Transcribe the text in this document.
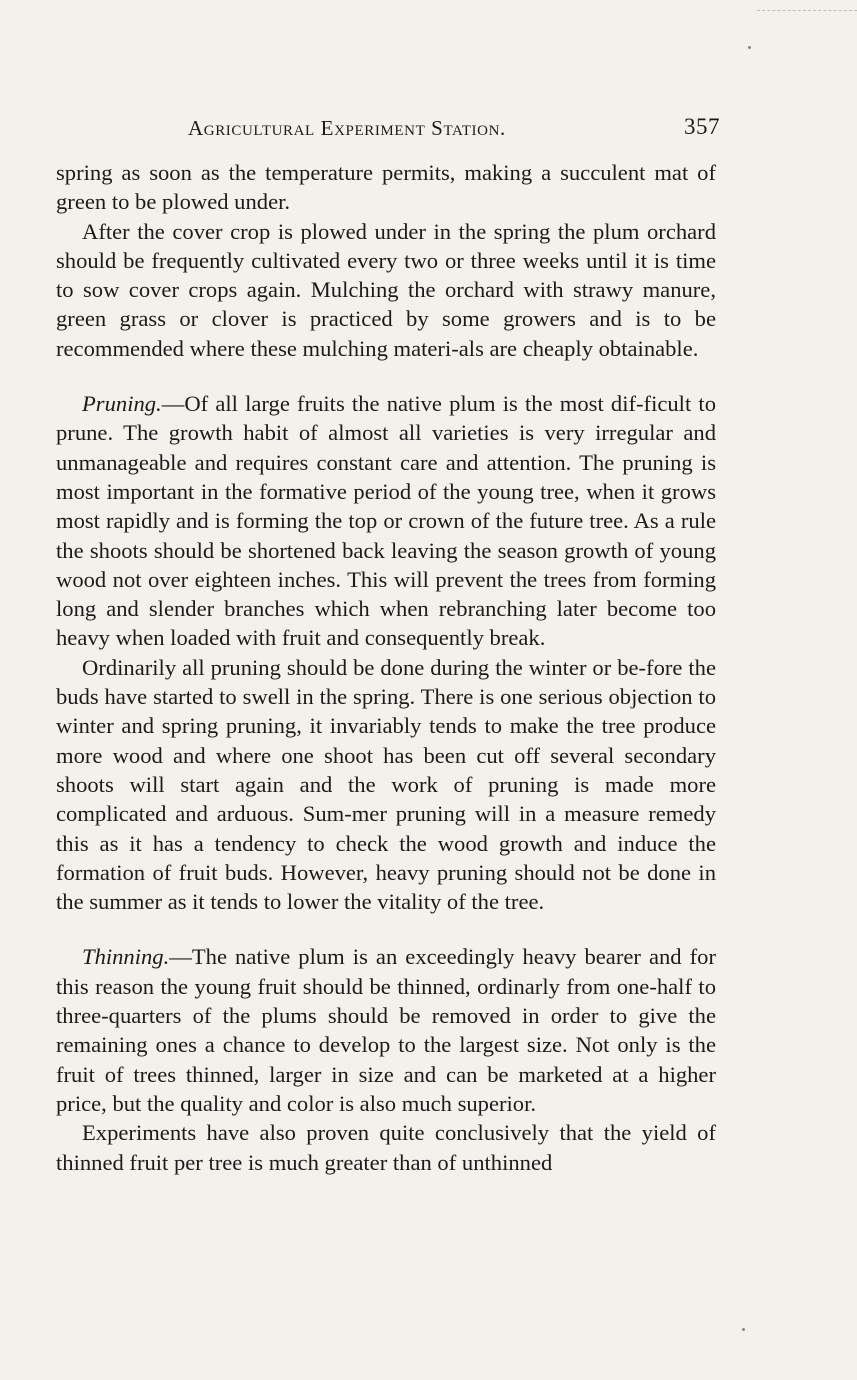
Agricultural Experiment Station.	357

spring as soon as the temperature permits, making a succulent mat of green to be plowed under.

After the cover crop is plowed under in the spring the plum orchard should be frequently cultivated every two or three weeks until it is time to sow cover crops again. Mulching the orchard with strawy manure, green grass or clover is practiced by some growers and is to be recommended where these mulching materi-als are cheaply obtainable.

Pruning.—Of all large fruits the native plum is the most dif-ficult to prune. The growth habit of almost all varieties is very irregular and unmanageable and requires constant care and attention. The pruning is most important in the formative period of the young tree, when it grows most rapidly and is forming the top or crown of the future tree. As a rule the shoots should be shortened back leaving the season growth of young wood not over eighteen inches. This will prevent the trees from forming long and slender branches which when rebranching later become too heavy when loaded with fruit and consequently break.

Ordinarily all pruning should be done during the winter or be-fore the buds have started to swell in the spring. There is one serious objection to winter and spring pruning, it invariably tends to make the tree produce more wood and where one shoot has been cut off several secondary shoots will start again and the work of pruning is made more complicated and arduous. Sum-mer pruning will in a measure remedy this as it has a tendency to check the wood growth and induce the formation of fruit buds. However, heavy pruning should not be done in the summer as it tends to lower the vitality of the tree.

Thinning.—The native plum is an exceedingly heavy bearer and for this reason the young fruit should be thinned, ordinarly from one-half to three-quarters of the plums should be removed in order to give the remaining ones a chance to develop to the largest size. Not only is the fruit of trees thinned, larger in size and can be marketed at a higher price, but the quality and color is also much superior.

Experiments have also proven quite conclusively that the yield of thinned fruit per tree is much greater than of unthinned
